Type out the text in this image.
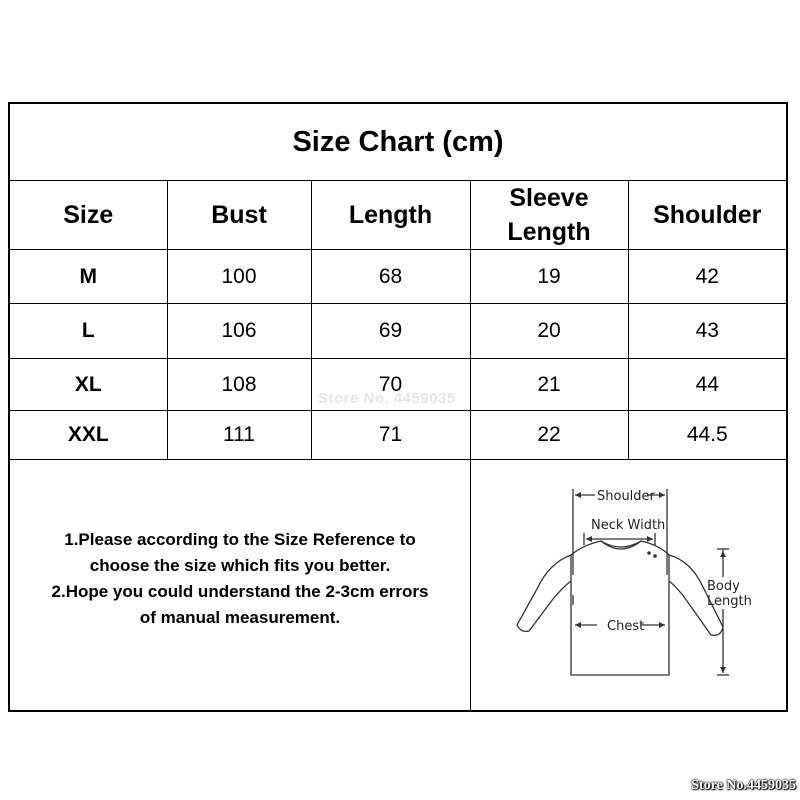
Size Chart (cm)
Size	Bust	Length	Sleeve Length	Shoulder
M	100	68	19	42
L	106	69	20	43
XL	108	70	21	44
XXL	111	71	22	44.5
1.Please according to the Size Reference to
choose the size which fits you better.
2.Hope you could understand the 2-3cm errors
of manual measurement.
Shoulder
Neck Width
Chest
Body
Length
Store No. 4459035
Store No.4459035
